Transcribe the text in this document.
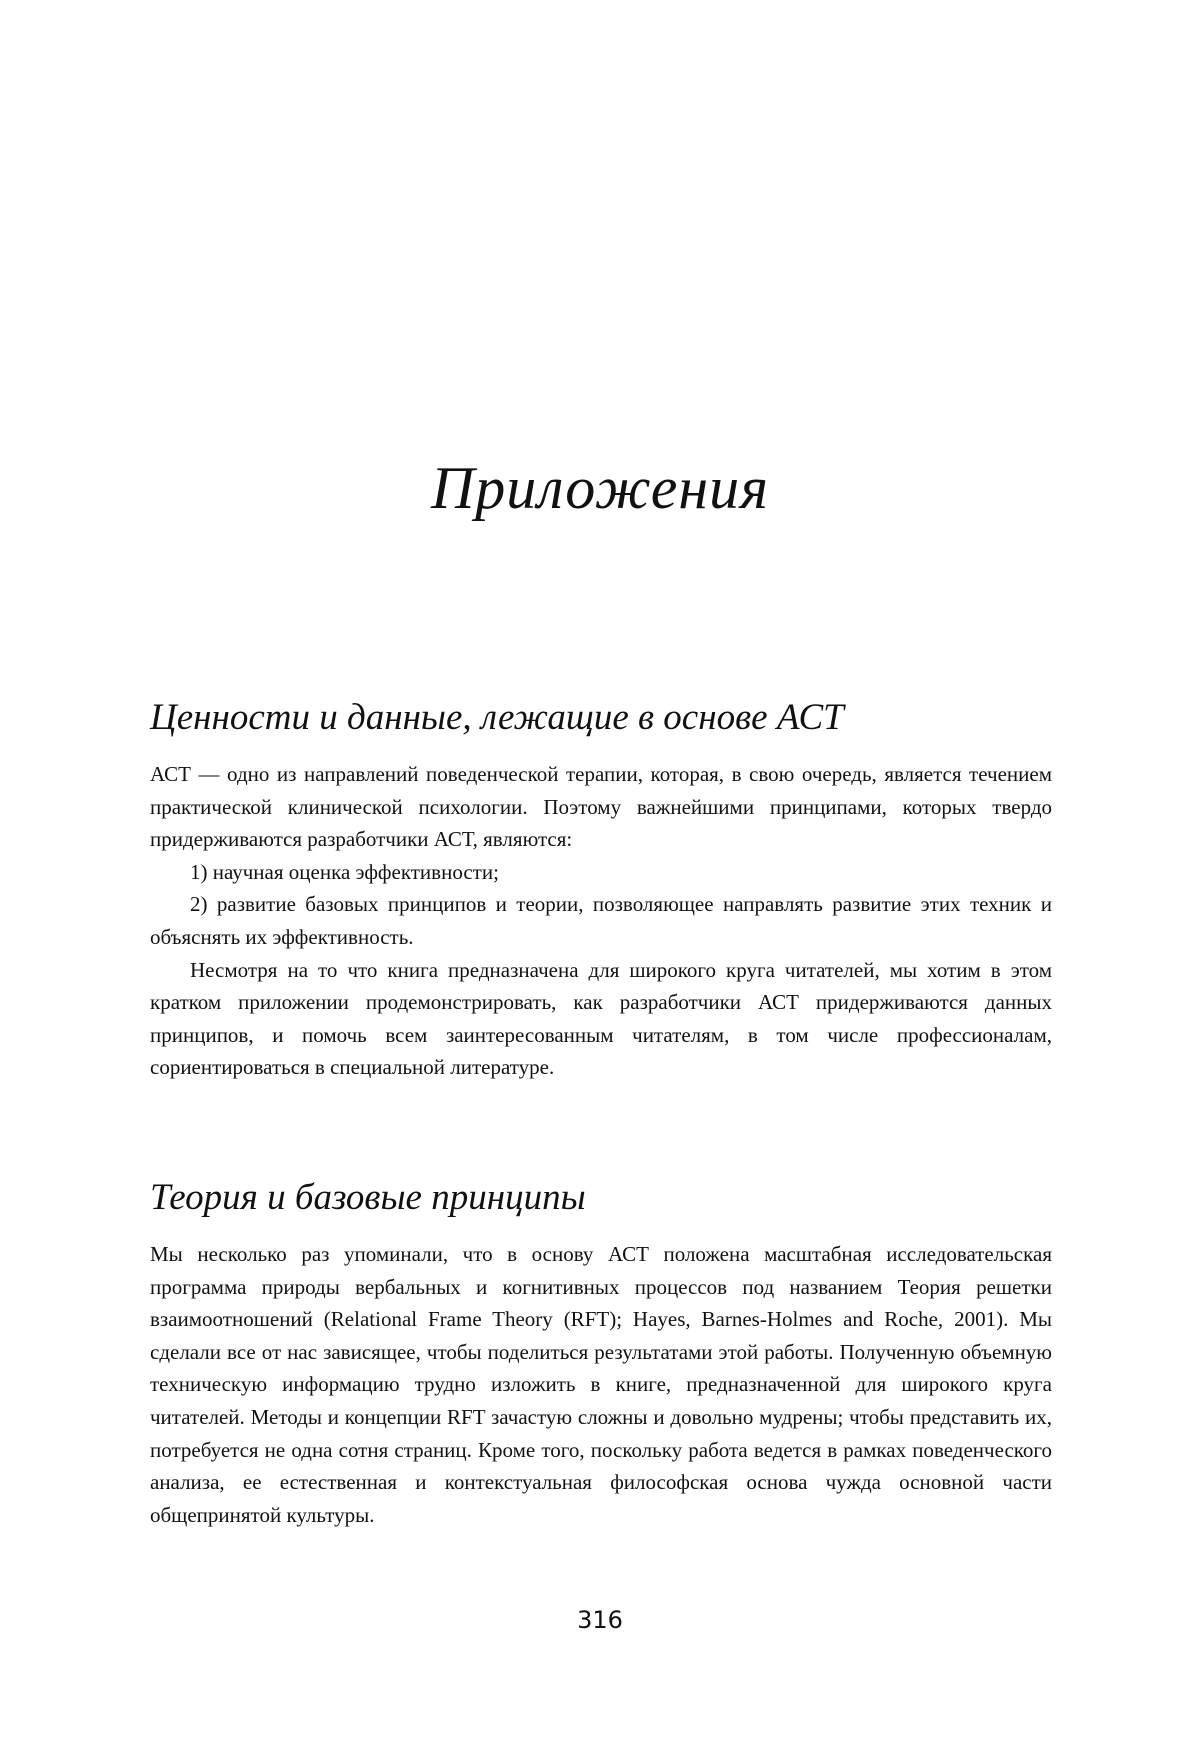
Приложения
Ценности и данные, лежащие в основе АСТ

АСТ — одно из направлений поведенческой терапии, которая, в свою очередь, является течением практической клинической психологии. Поэтому важнейшими принципами, которых твердо придерживаются разработчики АСТ, являются:

1) научная оценка эффективности;

2) развитие базовых принципов и теории, позволяющее направлять развитие этих техник и объяснять их эффективность.

Несмотря на то что книга предназначена для широкого круга читателей, мы хотим в этом кратком приложении продемонстрировать, как разработчики АСТ придерживаются данных принципов, и помочь всем заинтересованным читателям, в том числе профессионалам, сориентироваться в специальной литературе.

Теория и базовые принципы

Мы несколько раз упоминали, что в основу АСТ положена масштабная исследовательская программа природы вербальных и когнитивных процессов под названием Теория решетки взаимоотношений (Relational Frame Theory (RFT); Hayes, Barnes-Holmes and Roche, 2001). Мы сделали все от нас зависящее, чтобы поделиться результатами этой работы. Полученную объемную техническую информацию трудно изложить в книге, предназначенной для широкого круга читателей. Методы и концепции RFT зачастую сложны и довольно мудрены; чтобы представить их, потребуется не одна сотня страниц. Кроме того, поскольку работа ведется в рамках поведенческого анализа, ее естественная и контекстуальная философская основа чужда основной части общепринятой культуры.

316
